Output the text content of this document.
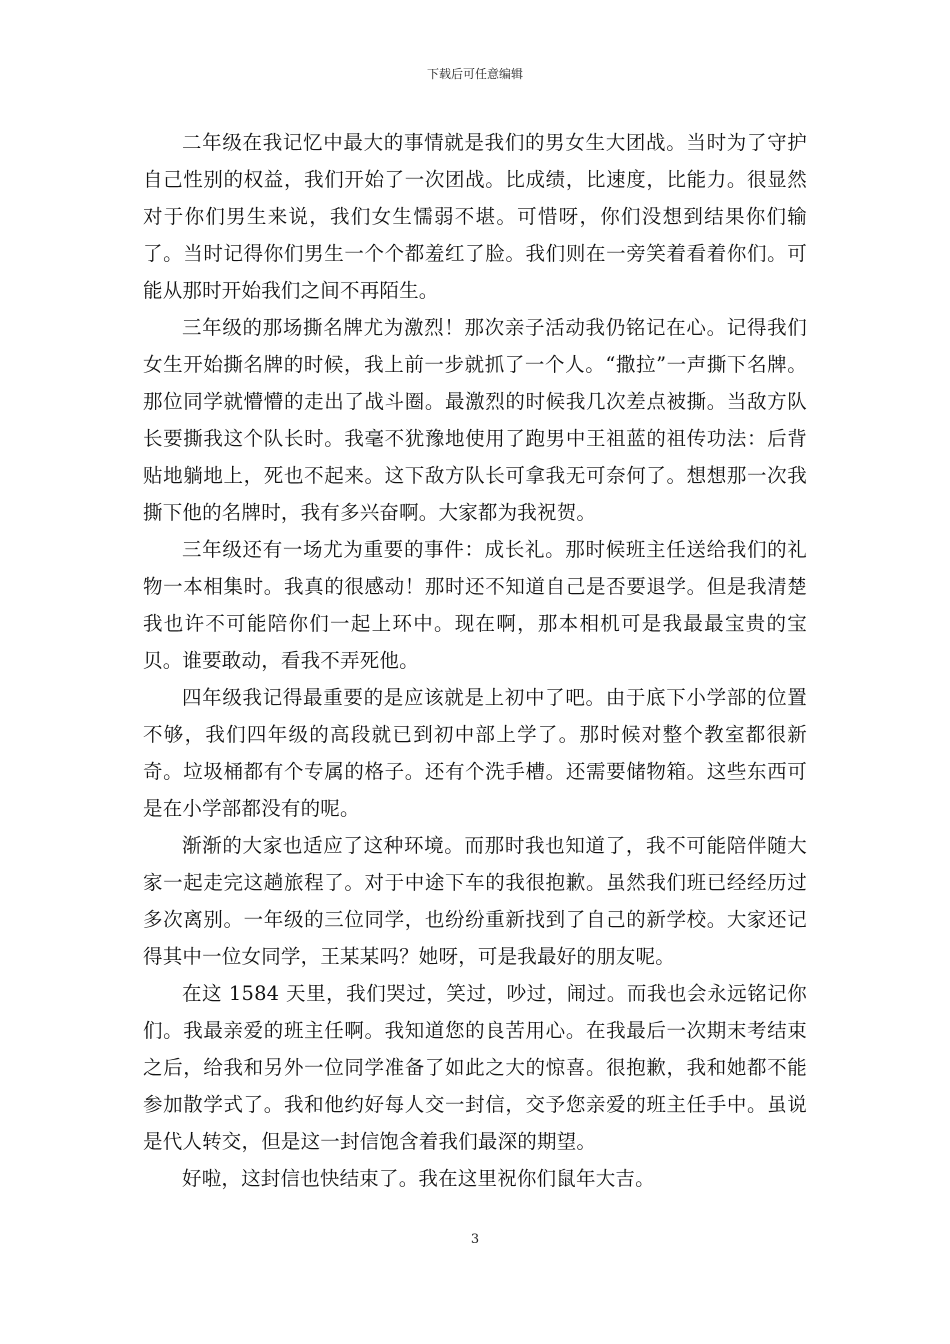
下载后可任意编辑

二年级在我记忆中最大的事情就是我们的男女生大团战。当时为了守护自己性别的权益，我们开始了一次团战。比成绩，比速度，比能力。很显然对于你们男生来说，我们女生懦弱不堪。可惜呀，你们没想到结果你们输了。当时记得你们男生一个个都羞红了脸。我们则在一旁笑着看着你们。可能从那时开始我们之间不再陌生。

三年级的那场撕名牌尤为激烈！那次亲子活动我仍铭记在心。记得我们女生开始撕名牌的时候，我上前一步就抓了一个人。“撒拉”一声撕下名牌。那位同学就懵懵的走出了战斗圈。最激烈的时候我几次差点被撕。当敌方队长要撕我这个队长时。我毫不犹豫地使用了跑男中王祖蓝的祖传功法：后背贴地躺地上，死也不起来。这下敌方队长可拿我无可奈何了。想想那一次我撕下他的名牌时，我有多兴奋啊。大家都为我祝贺。

三年级还有一场尤为重要的事件：成长礼。那时候班主任送给我们的礼物一本相集时。我真的很感动！那时还不知道自己是否要退学。但是我清楚我也许不可能陪你们一起上环中。现在啊，那本相机可是我最最宝贵的宝贝。谁要敢动，看我不弄死他。

四年级我记得最重要的是应该就是上初中了吧。由于底下小学部的位置不够，我们四年级的高段就已到初中部上学了。那时候对整个教室都很新奇。垃圾桶都有个专属的格子。还有个洗手槽。还需要储物箱。这些东西可是在小学部都没有的呢。

渐渐的大家也适应了这种环境。而那时我也知道了，我不可能陪伴随大家一起走完这趟旅程了。对于中途下车的我很抱歉。虽然我们班已经经历过多次离别。一年级的三位同学，也纷纷重新找到了自己的新学校。大家还记得其中一位女同学，王某某吗？她呀，可是我最好的朋友呢。

在这 1584 天里，我们哭过，笑过，吵过，闹过。而我也会永远铭记你们。我最亲爱的班主任啊。我知道您的良苦用心。在我最后一次期末考结束之后，给我和另外一位同学准备了如此之大的惊喜。很抱歉，我和她都不能参加散学式了。我和他约好每人交一封信，交予您亲爱的班主任手中。虽说是代人转交，但是这一封信饱含着我们最深的期望。

好啦，这封信也快结束了。我在这里祝你们鼠年大吉。

3
